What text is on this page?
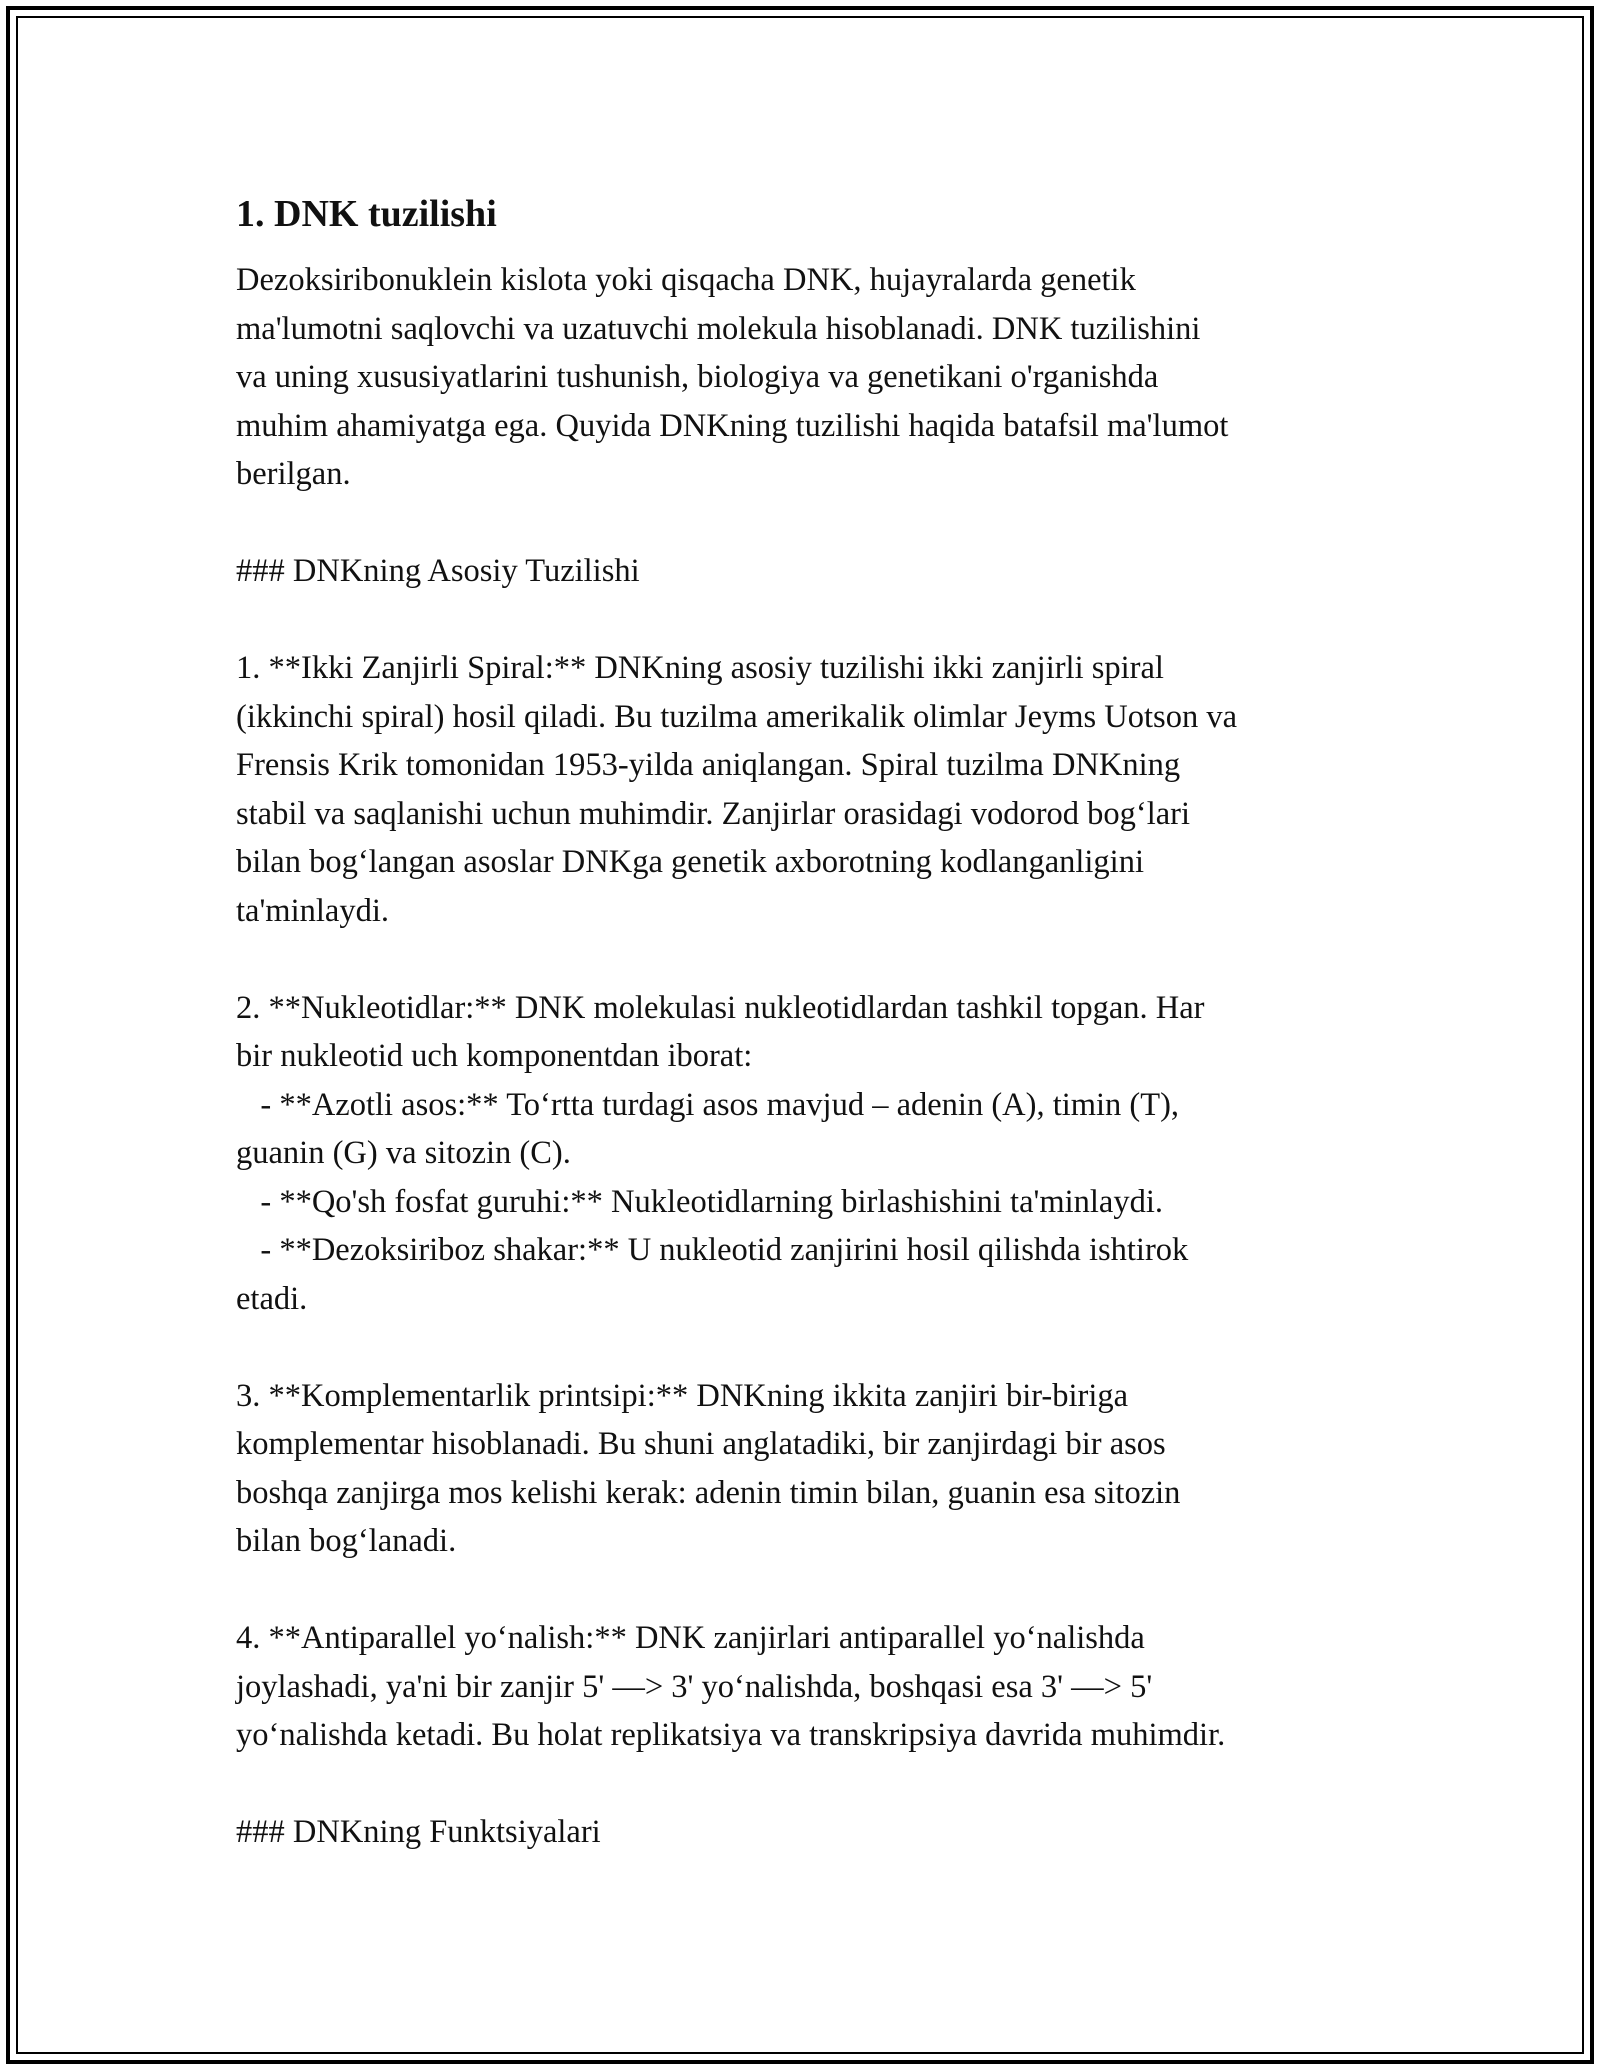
1. DNK tuzilishi
Dezoksiribonuklein kislota yoki qisqacha DNK, hujayralarda genetik
ma'lumotni saqlovchi va uzatuvchi molekula hisoblanadi. DNK tuzilishini
va uning xususiyatlarini tushunish, biologiya va genetikani o'rganishda
muhim ahamiyatga ega. Quyida DNKning tuzilishi haqida batafsil ma'lumot
berilgan.
### DNKning Asosiy Tuzilishi
1. **Ikki Zanjirli Spiral:** DNKning asosiy tuzilishi ikki zanjirli spiral
(ikkinchi spiral) hosil qiladi. Bu tuzilma amerikalik olimlar Jeyms Uotson va
Frensis Krik tomonidan 1953-yilda aniqlangan. Spiral tuzilma DNKning
stabil va saqlanishi uchun muhimdir. Zanjirlar orasidagi vodorod bog‘lari
bilan bog‘langan asoslar DNKga genetik axborotning kodlanganligini
ta'minlaydi.
2. **Nukleotidlar:** DNK molekulasi nukleotidlardan tashkil topgan. Har
bir nukleotid uch komponentdan iborat:
- **Azotli asos:** To‘rtta turdagi asos mavjud – adenin (A), timin (T),
guanin (G) va sitozin (C).
- **Qo'sh fosfat guruhi:** Nukleotidlarning birlashishini ta'minlaydi.
- **Dezoksiriboz shakar:** U nukleotid zanjirini hosil qilishda ishtirok
etadi.
3. **Komplementarlik printsipi:** DNKning ikkita zanjiri bir-biriga
komplementar hisoblanadi. Bu shuni anglatadiki, bir zanjirdagi bir asos
boshqa zanjirga mos kelishi kerak: adenin timin bilan, guanin esa sitozin
bilan bog‘lanadi.
4. **Antiparallel yo‘nalish:** DNK zanjirlari antiparallel yo‘nalishda
joylashadi, ya'ni bir zanjir 5' —> 3' yo‘nalishda, boshqasi esa 3' —> 5'
yo‘nalishda ketadi. Bu holat replikatsiya va transkripsiya davrida muhimdir.
### DNKning Funktsiyalari
